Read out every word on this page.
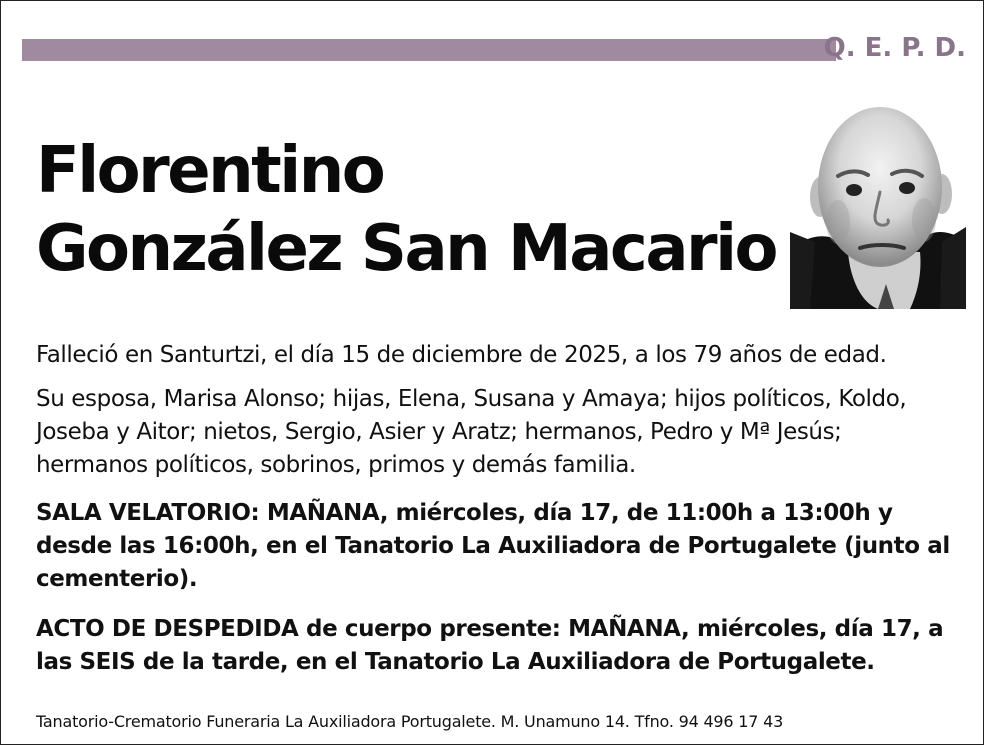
Q. E. P. D.
Florentino
González San Macario
Falleció en Santurtzi, el día 15 de diciembre de 2025, a los 79 años de edad.
Su esposa, Marisa Alonso; hijas, Elena, Susana y Amaya; hijos políticos, Koldo, Joseba y Aitor; nietos, Sergio, Asier y Aratz; hermanos, Pedro y Mª Jesús; hermanos políticos, sobrinos, primos y demás familia.
SALA VELATORIO: MAÑANA, miércoles, día 17, de 11:00h a 13:00h y desde las 16:00h, en el Tanatorio La Auxiliadora de Portugalete (junto al cementerio).
ACTO DE DESPEDIDA de cuerpo presente: MAÑANA, miércoles, día 17, a las SEIS de la tarde, en el Tanatorio La Auxiliadora de Portugalete.
Tanatorio-Crematorio Funeraria La Auxiliadora Portugalete. M. Unamuno 14. Tfno. 94 496 17 43
